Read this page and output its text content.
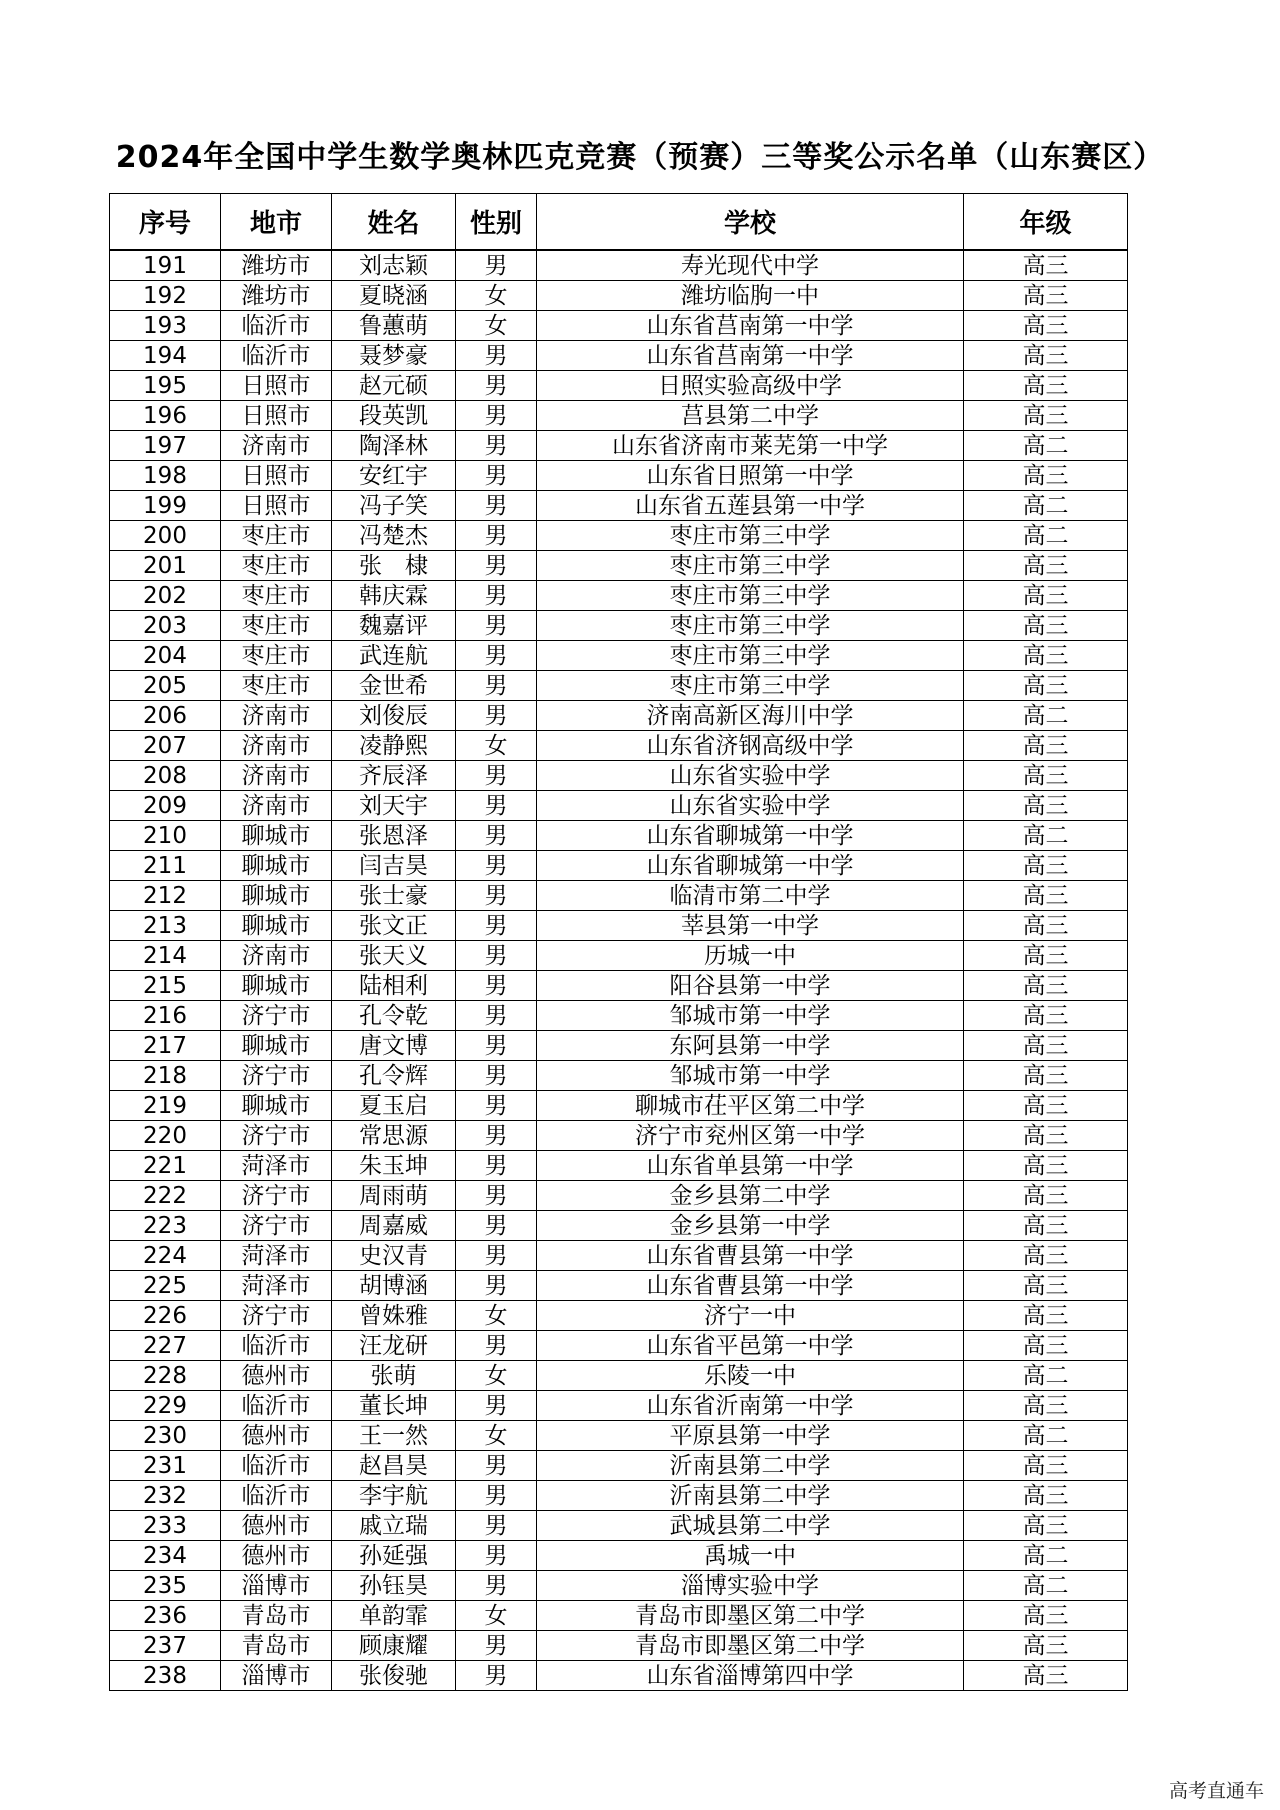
2024年全国中学生数学奥林匹克竞赛（预赛）三等奖公示名单（山东赛区）
序号	地市	姓名	性别	学校	年级
191	潍坊市	刘志颖	男	寿光现代中学	高三
192	潍坊市	夏晓涵	女	潍坊临朐一中	高三
193	临沂市	鲁蕙萌	女	山东省莒南第一中学	高三
194	临沂市	聂梦豪	男	山东省莒南第一中学	高三
195	日照市	赵元硕	男	日照实验高级中学	高三
196	日照市	段英凯	男	莒县第二中学	高三
197	济南市	陶泽林	男	山东省济南市莱芜第一中学	高二
198	日照市	安红宇	男	山东省日照第一中学	高三
199	日照市	冯子笑	男	山东省五莲县第一中学	高二
200	枣庄市	冯楚杰	男	枣庄市第三中学	高二
201	枣庄市	张　棣	男	枣庄市第三中学	高三
202	枣庄市	韩庆霖	男	枣庄市第三中学	高三
203	枣庄市	魏嘉评	男	枣庄市第三中学	高三
204	枣庄市	武连航	男	枣庄市第三中学	高三
205	枣庄市	金世希	男	枣庄市第三中学	高三
206	济南市	刘俊辰	男	济南高新区海川中学	高二
207	济南市	凌静熙	女	山东省济钢高级中学	高三
208	济南市	齐辰泽	男	山东省实验中学	高三
209	济南市	刘天宇	男	山东省实验中学	高三
210	聊城市	张恩泽	男	山东省聊城第一中学	高二
211	聊城市	闫吉昊	男	山东省聊城第一中学	高三
212	聊城市	张士豪	男	临清市第二中学	高三
213	聊城市	张文正	男	莘县第一中学	高三
214	济南市	张天义	男	历城一中	高三
215	聊城市	陆相利	男	阳谷县第一中学	高三
216	济宁市	孔令乾	男	邹城市第一中学	高三
217	聊城市	唐文博	男	东阿县第一中学	高三
218	济宁市	孔令辉	男	邹城市第一中学	高三
219	聊城市	夏玉启	男	聊城市茌平区第二中学	高三
220	济宁市	常思源	男	济宁市兖州区第一中学	高三
221	菏泽市	朱玉坤	男	山东省单县第一中学	高三
222	济宁市	周雨萌	男	金乡县第二中学	高三
223	济宁市	周嘉威	男	金乡县第一中学	高三
224	菏泽市	史汉青	男	山东省曹县第一中学	高三
225	菏泽市	胡博涵	男	山东省曹县第一中学	高三
226	济宁市	曾姝雅	女	济宁一中	高三
227	临沂市	汪龙研	男	山东省平邑第一中学	高三
228	德州市	张萌	女	乐陵一中	高二
229	临沂市	董长坤	男	山东省沂南第一中学	高三
230	德州市	王一然	女	平原县第一中学	高二
231	临沂市	赵昌昊	男	沂南县第二中学	高三
232	临沂市	李宇航	男	沂南县第二中学	高三
233	德州市	戚立瑞	男	武城县第二中学	高三
234	德州市	孙延强	男	禹城一中	高二
235	淄博市	孙钰昊	男	淄博实验中学	高二
236	青岛市	单韵霏	女	青岛市即墨区第二中学	高三
237	青岛市	顾康耀	男	青岛市即墨区第二中学	高三
238	淄博市	张俊驰	男	山东省淄博第四中学	高三
高考直通车
